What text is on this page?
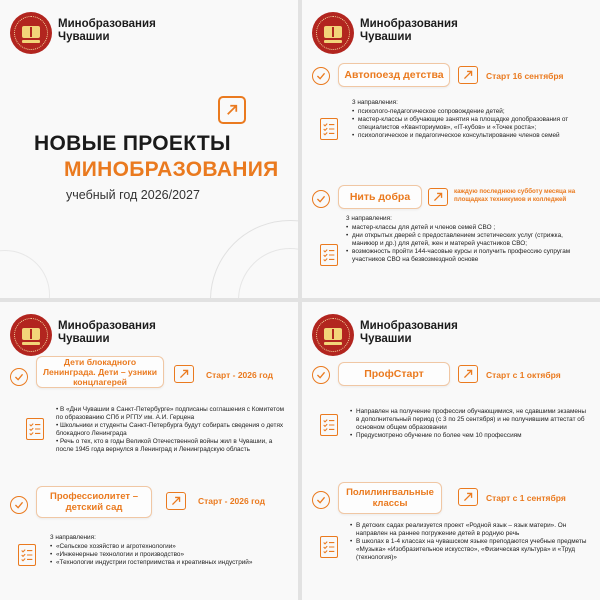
Минобразования
Чувашии
НОВЫЕ ПРОЕКТЫ
МИНОБРАЗОВАНИЯ
учебный год 2026/2027
Минобразования
Чувашии
Автопоезд детства	Старт 16 сентября
3 направления:
• психолого-педагогическое сопровождение детей;
• мастер-классы и обучающие занятия на площадке допобразования от специалистов «Кванториумов», «IT-кубов» и «Точек роста»;
• психологическое и педагогическое консультирование членов семей
Нить добра	каждую последнюю субботу месяца на площадках техникумов и колледжей
3 направления:
• мастер-классы для детей и членов семей СВО ;
• дни открытых дверей с предоставлением эстетических услуг (стрижка, маникюр и др.) для детей, жен и матерей участников СВО;
• возможность пройти 144-часовые курсы и получить профессию супругам участников СВО на безвозмездной основе
Минобразования
Чувашии
Дети блокадного Ленинграда. Дети – узники концлагерей
Старт - 2026 год
• В «Дни Чувашии в Санкт-Петербурге» подписаны соглашения с Комитетом по образованию СПб и РГПУ им. А.И. Герцена
• Школьники и студенты Санкт-Петербурга будут собирать сведения о детях блокадного Ленинграда
• Речь о тех, кто в годы Великой Отечественной войны жил в Чувашии, а после 1945 года вернулся в Ленинград и Ленинградскую область
Профессиолитет – детский сад
Старт - 2026 год
3 направления:
• «Сельское хозяйство и агротехнологии»
• «Инженерные технологии и производство»
• «Технологии индустрии гостеприимства и креативных индустрий»
Минобразования
Чувашии
ПрофСтарт	Старт с 1 октября
• Направлен на получение профессии обучающимися, не сдавшими экзамены в дополнительный период (с 3 по 25 сентября) и не получившим аттестат об основном общем образовании
• Предусмотрено обучение по более чем 10 профессиям
Полилингвальные классы	Старт с 1 сентября
• В детских садах реализуется проект «Родной язык – язык матери». Он направлен на раннее погружение детей в родную речь
• В школах в 1-4 классах на чувашском языке преподаются учебные предметы «Музыка» «Изобразительное искусство», «Физическая культура» и «Труд (технология)»
